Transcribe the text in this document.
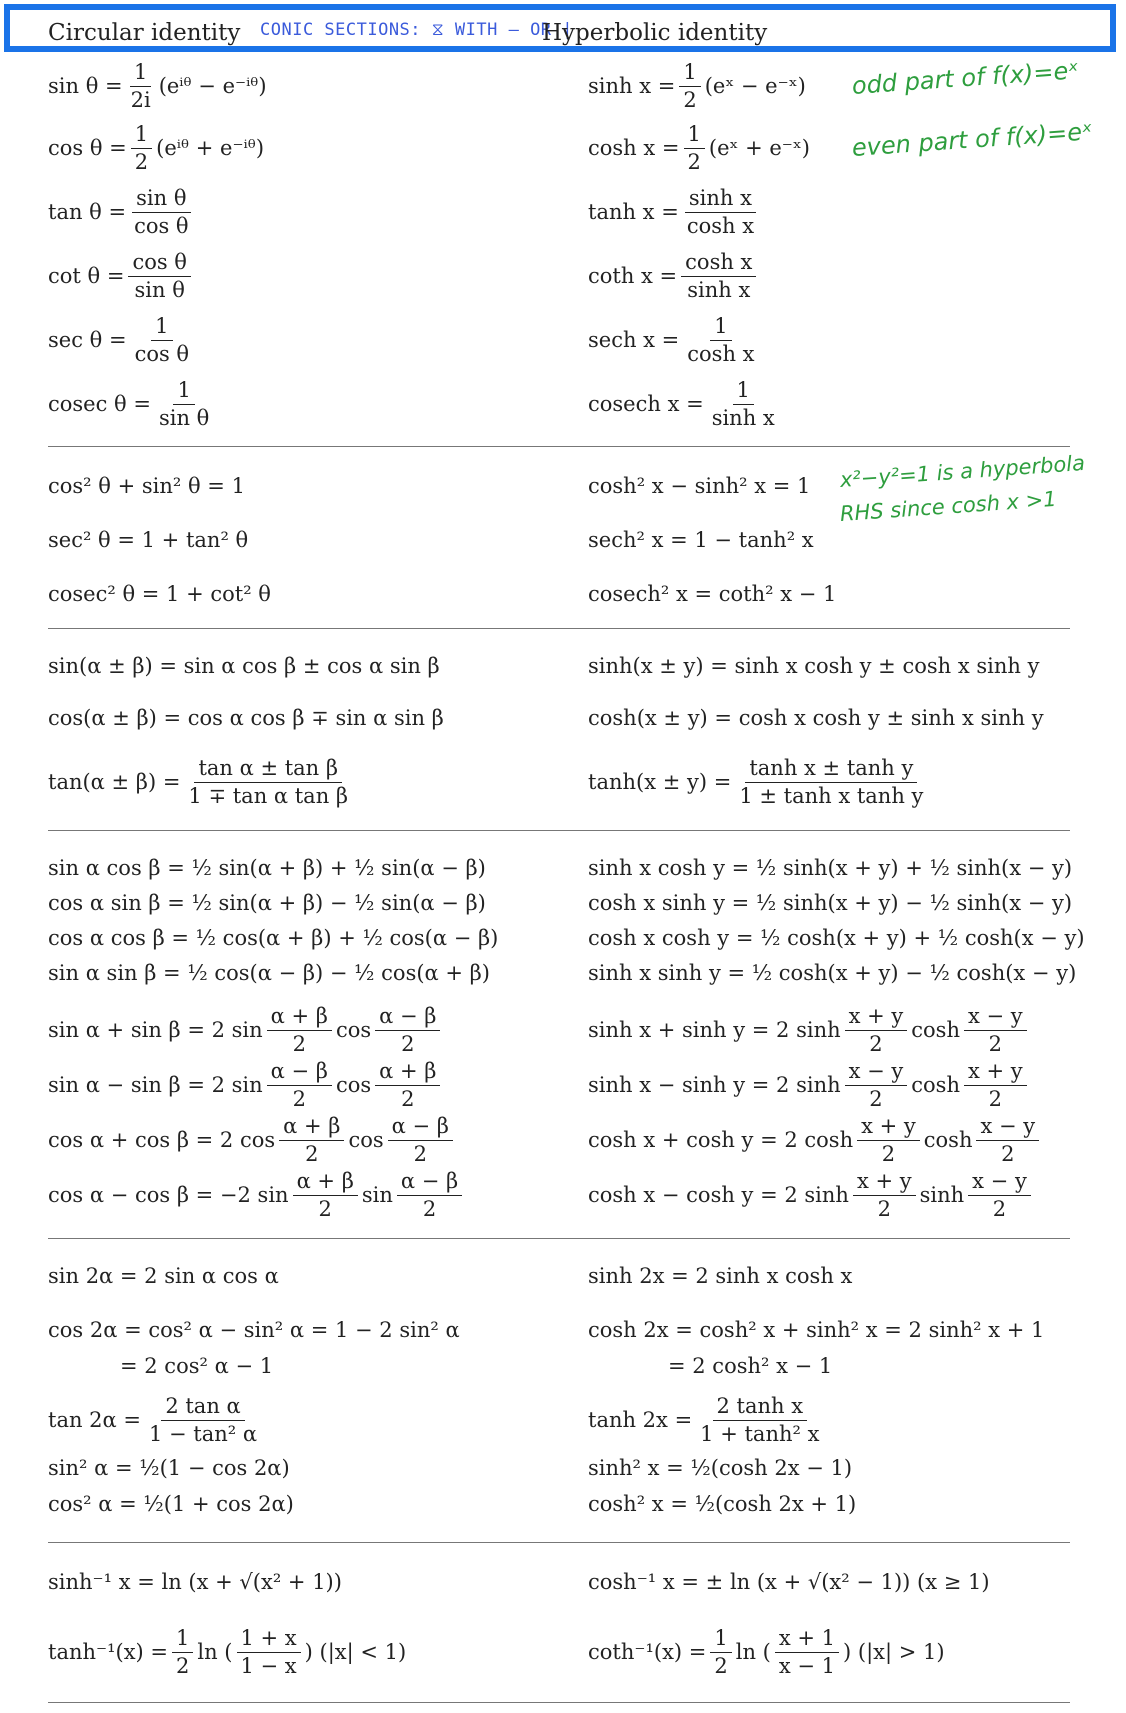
Circular identity CONIC SECTIONS: ⧖ WITH — OR |
Hyperbolic identity
$\sin \theta = \frac{1}{2i}$ (eⁱᶿ − e⁻ⁱᶿ)
$\cos \theta = \frac{1}{2}$ (eⁱᶿ + e⁻ⁱᶿ)
$\tan \theta = \frac{\text{sin θ}}{\text{cos θ}}$
$\cot \theta = \frac{\text{cos θ}}{\text{sin θ}}$
$\sec \theta = \frac{1}{\text{cos θ}}$
cosec $\theta = \frac{1}{\text{sin θ}}$
$\sinh x = \frac{1}{2}$ (eˣ − e⁻ˣ)
$\cosh x = \frac{1}{2}$ (eˣ + e⁻ˣ)
$\tanh x = \frac{\text{sinh x}}{\text{cosh x}}$
coth $x = \frac{\text{cosh x}}{\text{sinh x}}$
sech $x = \frac{1}{\text{cosh x}}$
cosech $x = \frac{1}{\text{sinh x}}$
odd part of f(x)=eˣ
even part of f(x)=eˣ
cos² θ + sin² θ = 1
sec² θ = 1 + tan² θ
cosec² θ = 1 + cot² θ
cosh² x − sinh² x = 1
sech² x = 1 − tanh² x
cosech² x = coth² x − 1
x²−y²=1 is a hyperbola
RHS since cosh x >1
sin(α ± β) = sin α cos β ± cos α sin β
cos(α ± β) = cos α cos β ∓ sin α sin β
$\tan(\alpha \pm \beta) = \frac{\text{tan α ± tan β}}{\text{1 ∓ tan α tan β}}$
sinh(x ± y) = sinh x cosh y ± cosh x sinh y
cosh(x ± y) = cosh x cosh y ± sinh x sinh y
$\tanh(x \pm y) = \frac{\text{tanh x ± tanh y}}{\text{1 ± tanh x tanh y}}$
sin α cos β = ½ sin(α + β) + ½ sin(α − β)
cos α sin β = ½ sin(α + β) − ½ sin(α − β)
cos α cos β = ½ cos(α + β) + ½ cos(α − β)
sin α sin β = ½ cos(α − β) − ½ cos(α + β)
sinh x cosh y = ½ sinh(x + y) + ½ sinh(x − y)
cosh x sinh y = ½ sinh(x + y) − ½ sinh(x − y)
cosh x cosh y = ½ cosh(x + y) + ½ cosh(x − y)
sinh x sinh y = ½ cosh(x + y) − ½ cosh(x − y)
sin α + sin β = 2 $\sin \frac{\alpha + \beta}{2}$ $\cos \frac{\alpha - \beta}{2}$
sin α − sin β = 2 $\sin \frac{\alpha - \beta}{2}$ $\cos \frac{\alpha + \beta}{2}$
cos α + cos β = 2 $\cos \frac{\alpha + \beta}{2}$ $\cos \frac{\alpha - \beta}{2}$
cos α − cos β = −2 $\sin \frac{\alpha + \beta}{2}$ $\sin \frac{\alpha - \beta}{2}$
sinh x + sinh y = 2 $\sinh \frac{x + y}{2}$ $\cosh \frac{x - y}{2}$
sinh x − sinh y = 2 $\sinh \frac{x - y}{2}$ $\cosh \frac{x + y}{2}$
cosh x + cosh y = 2 $\cosh \frac{x + y}{2}$ $\cosh \frac{x - y}{2}$
cosh x − cosh y = 2 $\sinh \frac{x + y}{2}$ $\sinh \frac{x - y}{2}$
sin 2α = 2 sin α cos α
cos 2α = cos² α − sin² α = 1 − 2 sin² α
= 2 cos² α − 1
$\tan 2\alpha = \frac{\text{2 tan α}}{\text{1 − tan² α}}$
sin² α = ½(1 − cos 2α)
cos² α = ½(1 + cos 2α)
sinh 2x = 2 sinh x cosh x
cosh 2x = cosh² x + sinh² x = 2 sinh² x + 1
= 2 cosh² x − 1
$\tanh 2x = \frac{\text{2 tanh x}}{\text{1 + tanh² x}}$
sinh² x = ½(cosh 2x − 1)
cosh² x = ½(cosh 2x + 1)
sinh⁻¹ x = ln (x + √(x² + 1))	cosh⁻¹ x = ± ln (x + √(x² − 1)) (x ≥ 1)
$\tanh^{-1}(x) = \frac{1}{2}$ ln ( $\frac{1 + x}{1 - x}$ ) (|x| < 1)	$\cot h^{-1}(x) = \frac{1}{2}$ ln ( $\frac{x + 1}{x - 1}$ ) (|x| > 1)
